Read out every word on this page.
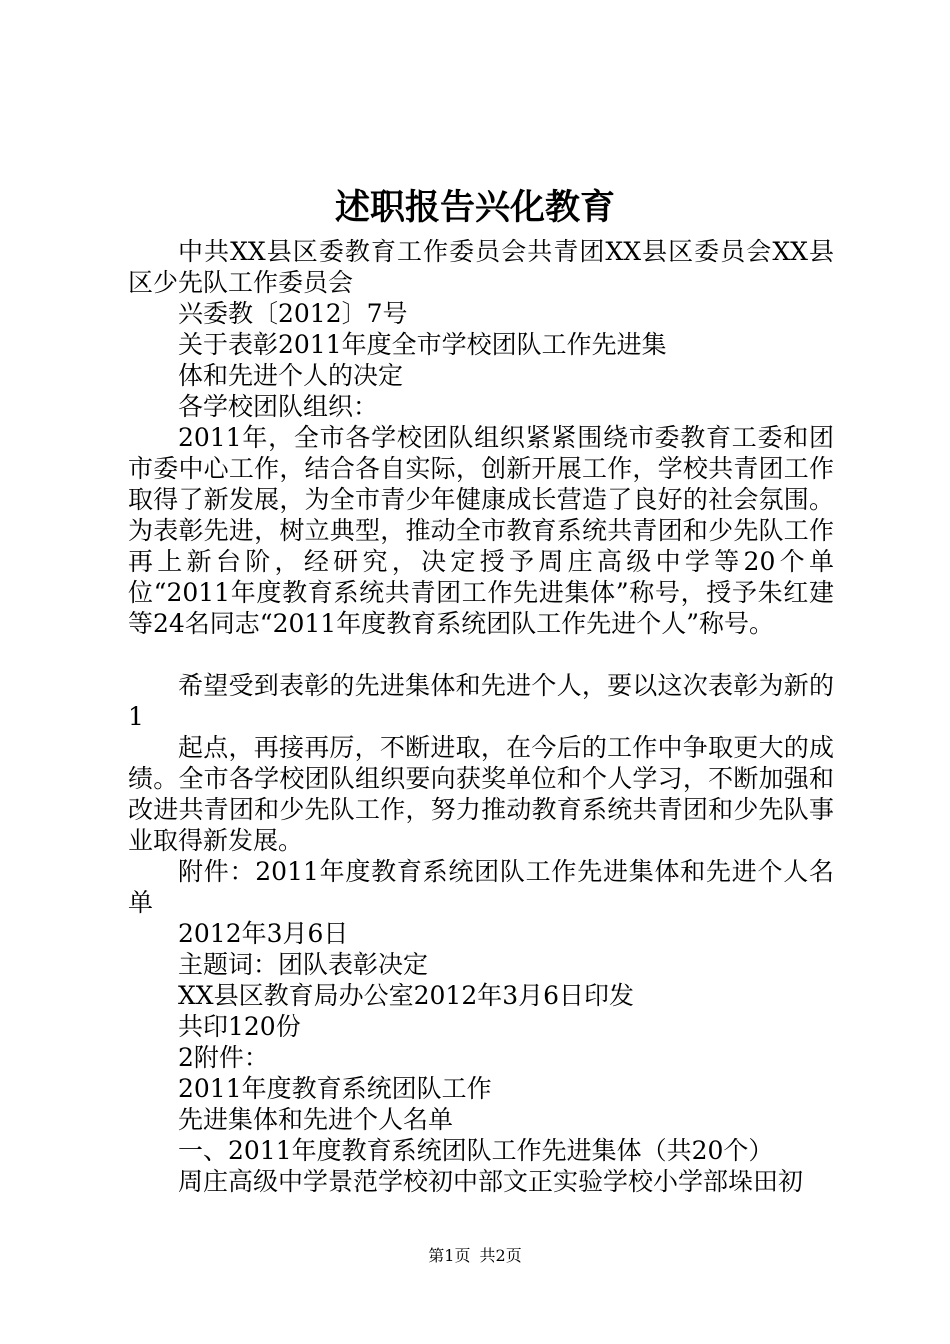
述职报告兴化教育

中共XX县区委教育工作委员会共青团XX县区委员会XX县区少先队工作委员会

兴委教〔2012〕7号

关于表彰2011年度全市学校团队工作先进集

体和先进个人的决定

各学校团队组织：

2011年，全市各学校团队组织紧紧围绕市委教育工委和团市委中心工作，结合各自实际，创新开展工作，学校共青团工作取得了新发展，为全市青少年健康成长营造了良好的社会氛围。为表彰先进，树立典型，推动全市教育系统共青团和少先队工作再上新台阶，经研究，决定授予周庄高级中学等20个单位“2011年度教育系统共青团工作先进集体”称号，授予朱红建等24名同志“2011年度教育系统团队工作先进个人”称号。

希望受到表彰的先进集体和先进个人，要以这次表彰为新的1

起点，再接再厉，不断进取，在今后的工作中争取更大的成绩。全市各学校团队组织要向获奖单位和个人学习，不断加强和改进共青团和少先队工作，努力推动教育系统共青团和少先队事业取得新发展。

附件：2011年度教育系统团队工作先进集体和先进个人名单

2012年3月6日

主题词：团队表彰决定

XX县区教育局办公室2012年3月6日印发

共印120份

2附件：

2011年度教育系统团队工作

先进集体和先进个人名单

一、2011年度教育系统团队工作先进集体（共20个）

周庄高级中学景范学校初中部文正实验学校小学部垛田初

第1页 共2页
